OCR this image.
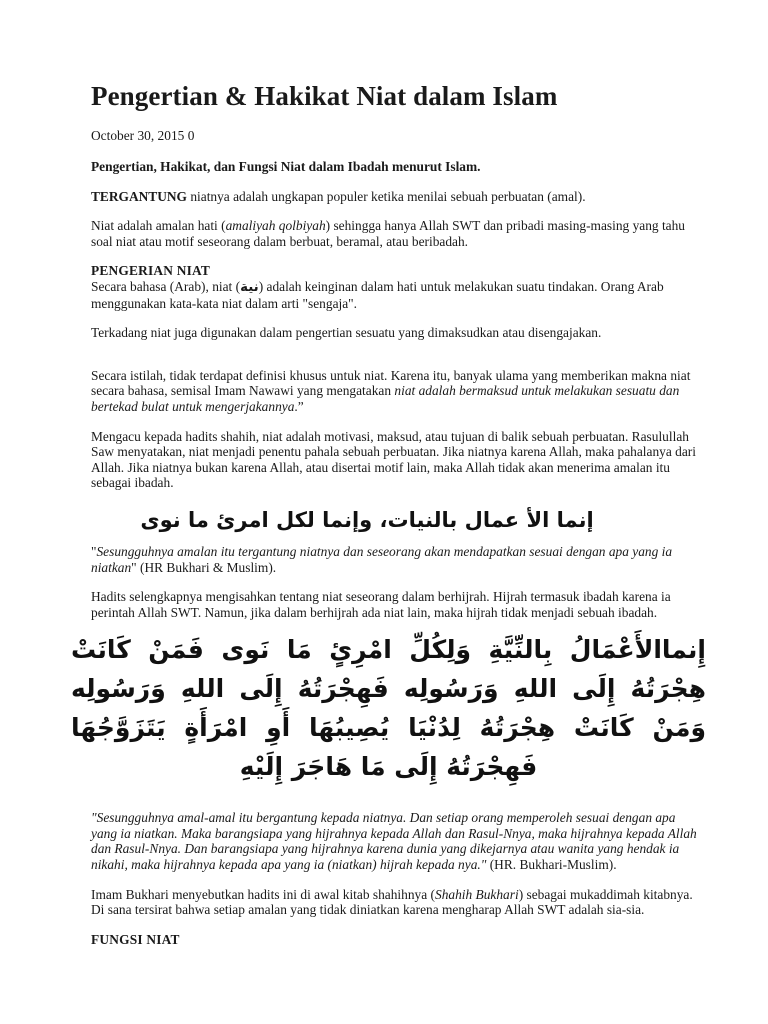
Pengertian & Hakikat Niat dalam Islam
October 30, 2015 0

Pengertian, Hakikat, dan Fungsi Niat dalam Ibadah menurut Islam.

TERGANTUNG niatnya adalah ungkapan populer ketika menilai sebuah perbuatan (amal).

Niat adalah amalan hati (amaliyah qolbiyah) sehingga hanya Allah SWT dan pribadi masing-masing yang tahu soal niat atau motif seseorang dalam berbuat, beramal, atau beribadah.

PENGERIAN NIAT
Secara bahasa (Arab), niat (نية) adalah keinginan dalam hati untuk melakukan suatu tindakan. Orang Arab menggunakan kata-kata niat dalam arti "sengaja".

Terkadang niat juga digunakan dalam pengertian sesuatu yang dimaksudkan atau disengajakan.

Secara istilah, tidak terdapat definisi khusus untuk niat. Karena itu, banyak ulama yang memberikan makna niat secara bahasa, semisal Imam Nawawi yang mengatakan niat adalah bermaksud untuk melakukan sesuatu dan bertekad bulat untuk mengerjakannya.”

Mengacu kepada hadits shahih, niat adalah motivasi, maksud, atau tujuan di balik sebuah perbuatan. Rasulullah Saw menyatakan, niat menjadi penentu pahala sebuah perbuatan. Jika niatnya karena Allah, maka pahalanya dari Allah. Jika niatnya bukan karena Allah, atau disertai motif lain, maka Allah tidak akan menerima amalan itu sebagai ibadah.

إنما الأ عمال بالنيات، وإنما لكل امرئ ما نوى

"Sesungguhnya amalan itu tergantung niatnya dan seseorang akan mendapatkan sesuai dengan apa yang ia niatkan" (HR Bukhari & Muslim).

Hadits selengkapnya mengisahkan tentang niat seseorang dalam berhijrah. Hijrah termasuk ibadah karena ia perintah Allah SWT. Namun, jika dalam berhijrah ada niat lain, maka hijrah tidak menjadi sebuah ibadah.

إِنماالأَعْمَالُ بِالنِّيَّةِ وَلِكُلِّ امْرِئٍ مَا نَوى فَمَنْ كَانَتْ هِجْرَتُهُ إِلَى اللهِ وَرَسُولِه فَهِجْرَتُهُ إِلَى اللهِ وَرَسُولِه وَمَنْ كَانَتْ هِجْرَتُهُ لِدُنْيَا يُصِيبُهَا أَوِ امْرَأَةٍ يَتَزَوَّجُهَا فَهِجْرَتُهُ إِلَى مَا هَاجَرَ إِلَيْهِ

"Sesungguhnya amal-amal itu bergantung kepada niatnya. Dan setiap orang memperoleh sesuai dengan apa yang ia niatkan. Maka barangsiapa yang hijrahnya kepada Allah dan Rasul-Nnya, maka hijrahnya kepada Allah dan Rasul-Nnya. Dan barangsiapa yang hijrahnya karena dunia yang dikejarnya atau wanita yang hendak ia nikahi, maka hijrahnya kepada apa yang ia (niatkan) hijrah kepada nya." (HR. Bukhari-Muslim).

Imam Bukhari menyebutkan hadits ini di awal kitab shahihnya (Shahih Bukhari) sebagai mukaddimah kitabnya. Di sana tersirat bahwa setiap amalan yang tidak diniatkan karena mengharap Allah SWT adalah sia-sia.

FUNGSI NIAT
